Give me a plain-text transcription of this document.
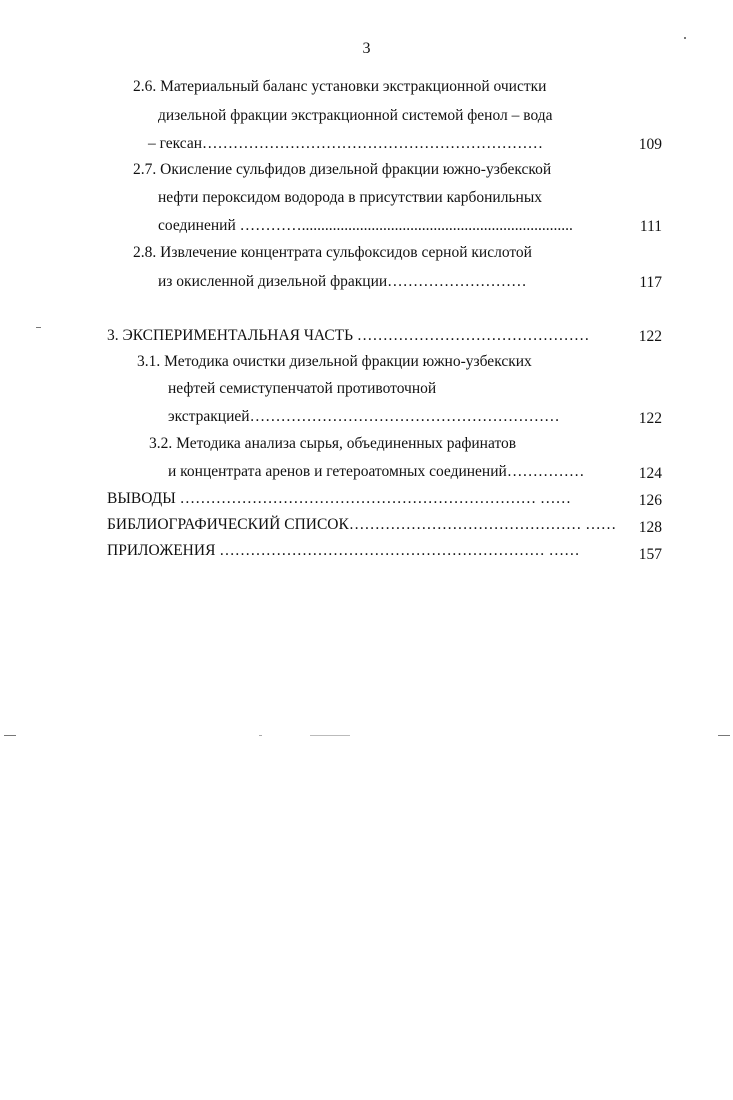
3
2.6. Материальный баланс установки экстракционной очистки
дизельной фракции экстракционной системой фенол – вода
– гексан…………………………………………………………	109
2.7. Окисление сульфидов дизельной фракции южно-узбекской
нефти пероксидом водорода в присутствии карбонильных
соединений …………......................................................................	111
2.8. Извлечение концентрата сульфоксидов серной кислотой
из окисленной дизельной фракции………………………	117
3. ЭКСПЕРИМЕНТАЛЬНАЯ ЧАСТЬ ………………………………………	122
3.1. Методика очистки дизельной фракции южно-узбекских
нефтей семиступенчатой противоточной
экстракцией……………………………………………………	122
3.2. Методика анализа сырья, объединенных рафинатов
и концентрата аренов и гетероатомных соединений……………	124
ВЫВОДЫ …………………………………………………………… ……	126
БИБЛИОГРАФИЧЕСКИЙ СПИСОК……………………………………… ……	128
ПРИЛОЖЕНИЯ ……………………………………………………… ……	157
